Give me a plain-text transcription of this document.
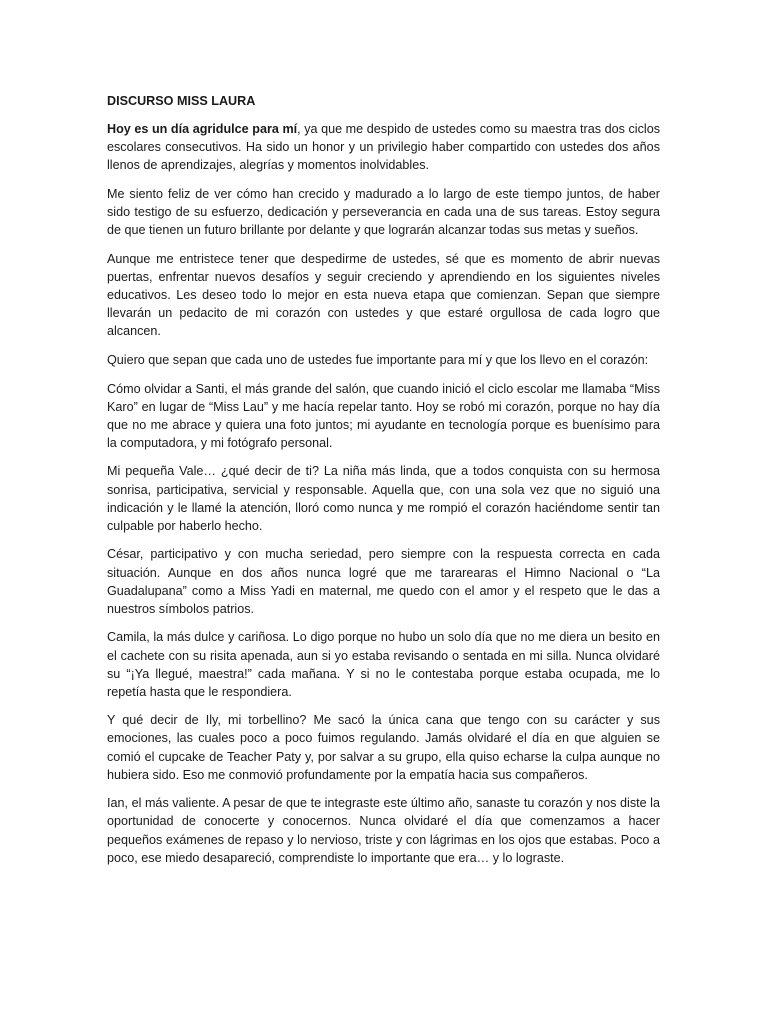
DISCURSO MISS LAURA

Hoy es un día agridulce para mí, ya que me despido de ustedes como su maestra tras dos ciclos escolares consecutivos. Ha sido un honor y un privilegio haber compartido con ustedes dos años llenos de aprendizajes, alegrías y momentos inolvidables.

Me siento feliz de ver cómo han crecido y madurado a lo largo de este tiempo juntos, de haber sido testigo de su esfuerzo, dedicación y perseverancia en cada una de sus tareas. Estoy segura de que tienen un futuro brillante por delante y que lograrán alcanzar todas sus metas y sueños.

Aunque me entristece tener que despedirme de ustedes, sé que es momento de abrir nuevas puertas, enfrentar nuevos desafíos y seguir creciendo y aprendiendo en los siguientes niveles educativos. Les deseo todo lo mejor en esta nueva etapa que comienzan. Sepan que siempre llevarán un pedacito de mi corazón con ustedes y que estaré orgullosa de cada logro que alcancen.

Quiero que sepan que cada uno de ustedes fue importante para mí y que los llevo en el corazón:

Cómo olvidar a Santi, el más grande del salón, que cuando inició el ciclo escolar me llamaba “Miss Karo” en lugar de “Miss Lau” y me hacía repelar tanto. Hoy se robó mi corazón, porque no hay día que no me abrace y quiera una foto juntos; mi ayudante en tecnología porque es buenísimo para la computadora, y mi fotógrafo personal.

Mi pequeña Vale… ¿qué decir de ti? La niña más linda, que a todos conquista con su hermosa sonrisa, participativa, servicial y responsable. Aquella que, con una sola vez que no siguió una indicación y le llamé la atención, lloró como nunca y me rompió el corazón haciéndome sentir tan culpable por haberlo hecho.

César, participativo y con mucha seriedad, pero siempre con la respuesta correcta en cada situación. Aunque en dos años nunca logré que me tararearas el Himno Nacional o “La Guadalupana” como a Miss Yadi en maternal, me quedo con el amor y el respeto que le das a nuestros símbolos patrios.

Camila, la más dulce y cariñosa. Lo digo porque no hubo un solo día que no me diera un besito en el cachete con su risita apenada, aun si yo estaba revisando o sentada en mi silla. Nunca olvidaré su “¡Ya llegué, maestra!” cada mañana. Y si no le contestaba porque estaba ocupada, me lo repetía hasta que le respondiera.

Y qué decir de Ily, mi torbellino? Me sacó la única cana que tengo con su carácter y sus emociones, las cuales poco a poco fuimos regulando. Jamás olvidaré el día en que alguien se comió el cupcake de Teacher Paty y, por salvar a su grupo, ella quiso echarse la culpa aunque no hubiera sido. Eso me conmovió profundamente por la empatía hacia sus compañeros.

Ian, el más valiente. A pesar de que te integraste este último año, sanaste tu corazón y nos diste la oportunidad de conocerte y conocernos. Nunca olvidaré el día que comenzamos a hacer pequeños exámenes de repaso y lo nervioso, triste y con lágrimas en los ojos que estabas. Poco a poco, ese miedo desapareció, comprendiste lo importante que era… y lo lograste.
